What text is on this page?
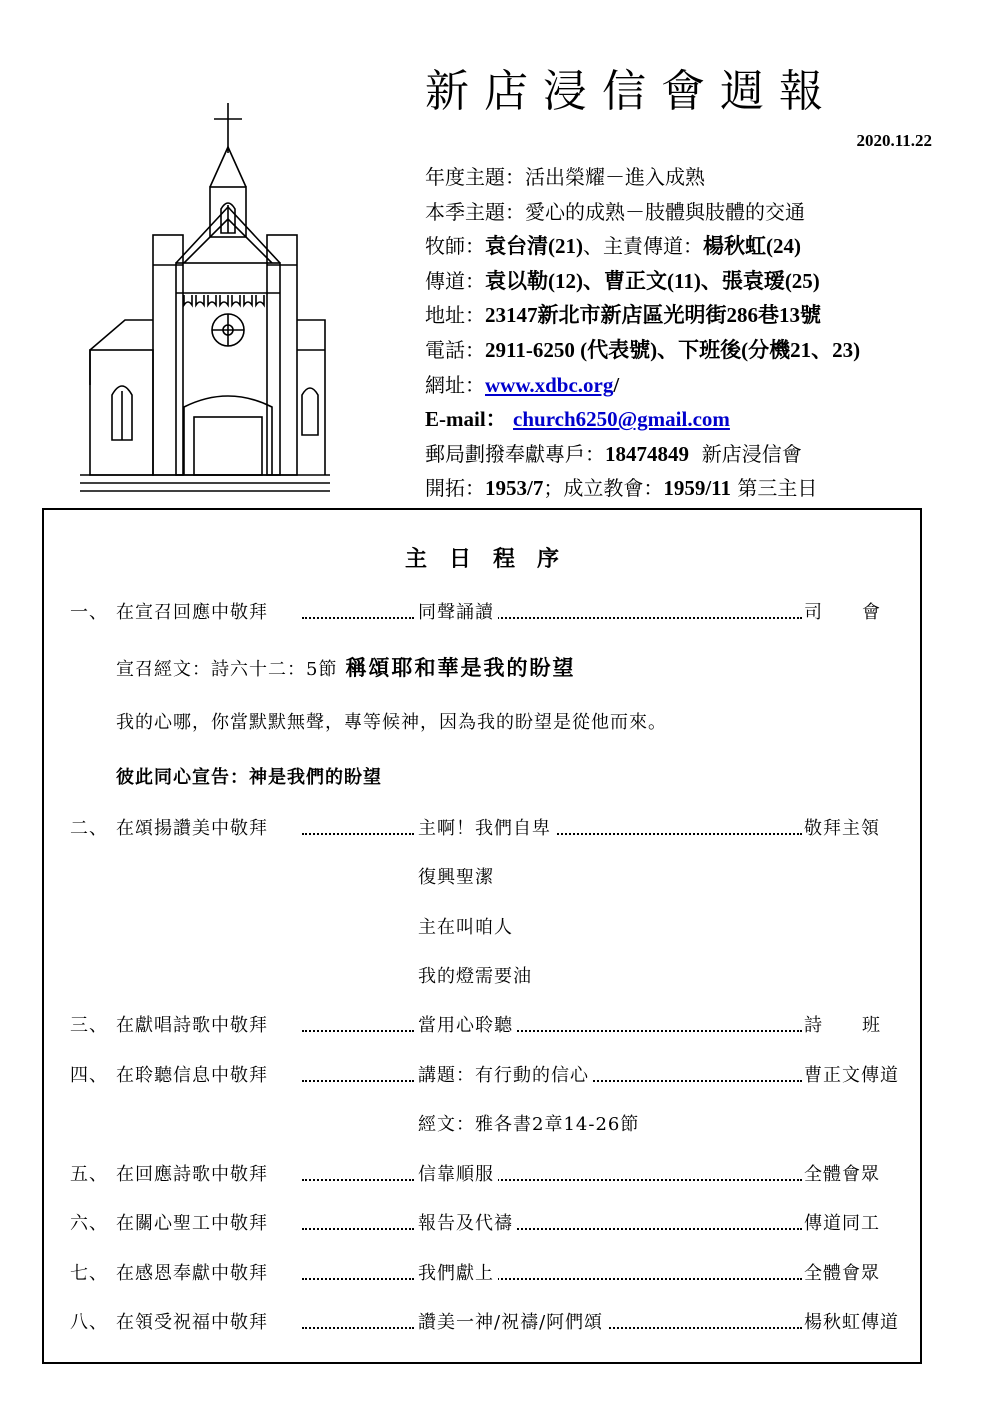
新店浸信會週報
2020.11.22
年度主題：活出榮耀－進入成熟
本季主題：愛心的成熟－肢體與肢體的交通
牧師：袁台清(21)、主責傳道：楊秋虹(24)
傳道：袁以勒(12)、曹正文(11)、張袁瑷(25)
地址：23147新北市新店區光明街286巷13號
電話：2911-6250 (代表號)、下班後(分機21、23)
網址：www.xdbc.org/
E-mail： church6250@gmail.com
郵局劃撥奉獻專戶：18474849 新店浸信會
開拓：1953/7；成立教會：1959/11 第三主日
主日程序
一、 在宣召回應中敬拜	同聲誦讀	司會
宣召經文：詩六十二：5節 稱頌耶和華是我的盼望
我的心哪，你當默默無聲，專等候神，因為我的盼望是從他而來。
彼此同心宣告：神是我們的盼望
二、 在頌揚讚美中敬拜	主啊！我們自卑	敬拜主領
復興聖潔
主在叫咱人
我的燈需要油
三、 在獻唱詩歌中敬拜	當用心聆聽	詩班
四、 在聆聽信息中敬拜	講題：有行動的信心	曹正文傳道
經文：雅各書2章14-26節
五、 在回應詩歌中敬拜	信靠順服	全體會眾
六、 在關心聖工中敬拜	報告及代禱	傳道同工
七、 在感恩奉獻中敬拜	我們獻上	全體會眾
八、 在領受祝福中敬拜	讚美一神/祝禱/阿們頌	楊秋虹傳道
